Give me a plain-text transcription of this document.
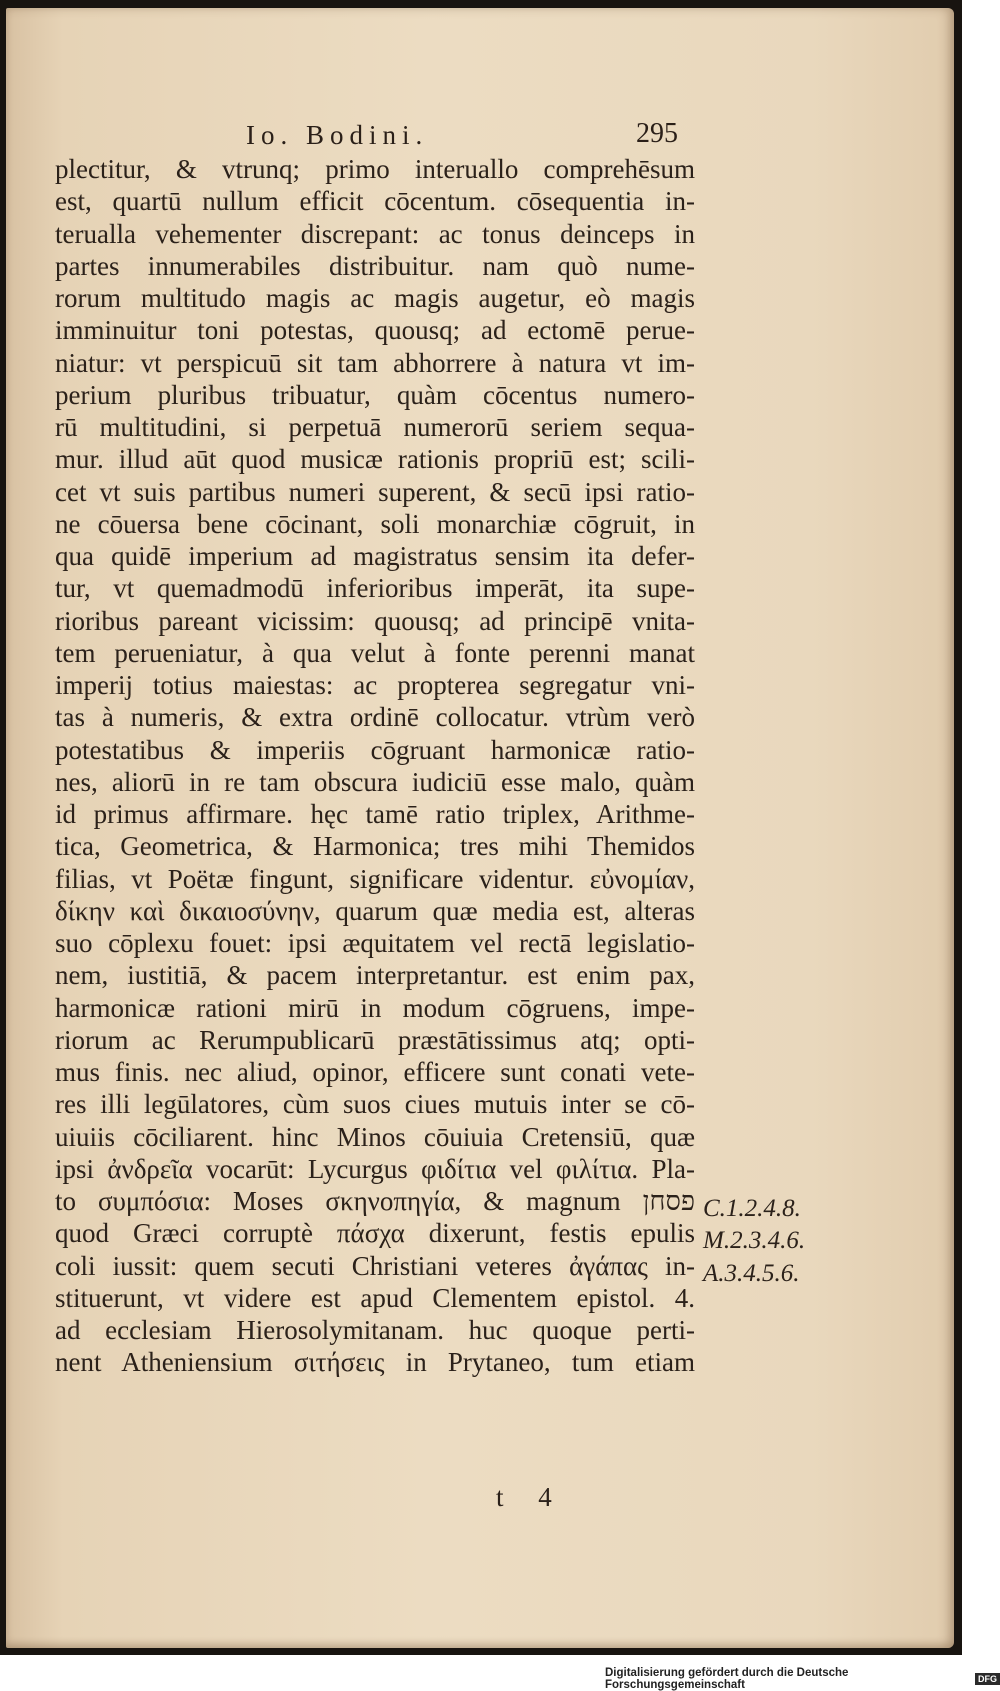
Io. Bodini.	295
plectitur, & vtrunq; primo interuallo comprehēsum
est, quartū nullum efficit cōcentum. cōsequentia in-
terualla vehementer discrepant: ac tonus deinceps in
partes innumerabiles distribuitur. nam quò nume-
rorum multitudo magis ac magis augetur, eò magis
imminuitur toni potestas, quousq; ad ectomē perue-
niatur: vt perspicuū sit tam abhorrere à natura vt im-
perium pluribus tribuatur, quàm cōcentus numero-
rū multitudini, si perpetuā numerorū seriem sequa-
mur. illud aūt quod musicæ rationis propriū est; scili-
cet vt suis partibus numeri superent, & secū ipsi ratio-
ne cōuersa bene cōcinant, soli monarchiæ cōgruit, in
qua quidē imperium ad magistratus sensim ita defer-
tur, vt quemadmodū inferioribus imperāt, ita supe-
rioribus pareant vicissim: quousq; ad principē vnita-
tem perueniatur, à qua velut à fonte perenni manat
imperij totius maiestas: ac propterea segregatur vni-
tas à numeris, & extra ordinē collocatur. vtrùm verò
potestatibus & imperiis cōgruant harmonicæ ratio-
nes, aliorū in re tam obscura iudiciū esse malo, quàm
id primus affirmare. hęc tamē ratio triplex, Arithme-
tica, Geometrica, & Harmonica; tres mihi Themidos
filias, vt Poëtæ fingunt, significare videntur. εὐνομίαν,
δίκην καὶ δικαιοσύνην, quarum quæ media est, alteras
suo cōplexu fouet: ipsi æquitatem vel rectā legislatio-
nem, iustitiā, & pacem interpretantur. est enim pax,
harmonicæ rationi mirū in modum cōgruens, impe-
riorum ac Rerumpublicarū præstātissimus atq; opti-
mus finis. nec aliud, opinor, efficere sunt conati vete-
res illi legūlatores, cùm suos ciues mutuis inter se cō-
uiuiis cōciliarent. hinc Minos cōuiuia Cretensiū, quæ
ipsi ἀνδρεῖα vocarūt: Lycurgus φιδίτια vel φιλίτια. Pla-
to συμπόσια: Moses σκηνοπηγία, & magnum פסחן
quod Græci corruptè πάσχα dixerunt, festis epulis
coli iussit: quem secuti Christiani veteres ἀγάπας in-
stituerunt, vt videre est apud Clementem epistol. 4.
ad ecclesiam Hierosolymitanam. huc quoque perti-
nent Atheniensium σιτήσεις in Prytaneo, tum etiam
C.1.2.4.8.
M.2.3.4.6.
A.3.4.5.6.
t 4
Digitalisierung gefördert durch die Deutsche Forschungsgemeinschaft	DFG
